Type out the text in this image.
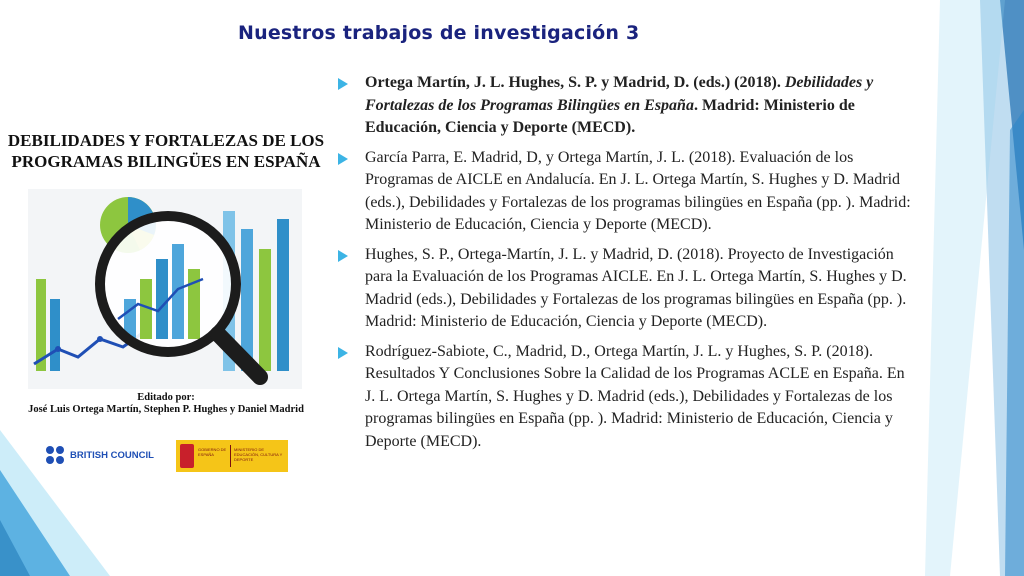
Nuestros trabajos de investigación 3
DEBILIDADES Y FORTALEZAS DE LOS PROGRAMAS BILINGÜES EN ESPAÑA
Editado por:
José Luis Ortega Martín, Stephen P. Hughes y Daniel Madrid
BRITISH COUNCIL	GOBIERNO DE ESPAÑA
MINISTERIO DE EDUCACIÓN, CULTURA Y DEPORTE
Ortega Martín, J. L. Hughes, S. P. y Madrid, D. (eds.) (2018). Debilidades y Fortalezas de los Programas Bilingües en España. Madrid: Ministerio de Educación, Ciencia y Deporte (MECD).
García Parra, E. Madrid, D, y Ortega Martín, J. L. (2018). Evaluación de los Programas de AICLE en Andalucía. En J. L. Ortega Martín, S. Hughes y D. Madrid (eds.), Debilidades y Fortalezas de los programas bilingües en España (pp. ). Madrid: Ministerio de Educación, Ciencia y Deporte (MECD).
Hughes, S. P., Ortega-Martín, J. L. y Madrid, D. (2018). Proyecto de Investigación para la Evaluación de los Programas AICLE. En J. L. Ortega Martín, S. Hughes y D. Madrid (eds.), Debilidades y Fortalezas de los programas bilingües en España (pp. ). Madrid: Ministerio de Educación, Ciencia y Deporte (MECD).
Rodríguez-Sabiote, C., Madrid, D., Ortega Martín, J. L. y Hughes, S. P. (2018). Resultados Y Conclusiones Sobre la Calidad de los Programas ACLE en España. En J. L. Ortega Martín, S. Hughes y D. Madrid (eds.), Debilidades y Fortalezas de los programas bilingües en España (pp. ). Madrid: Ministerio de Educación, Ciencia y Deporte (MECD).
